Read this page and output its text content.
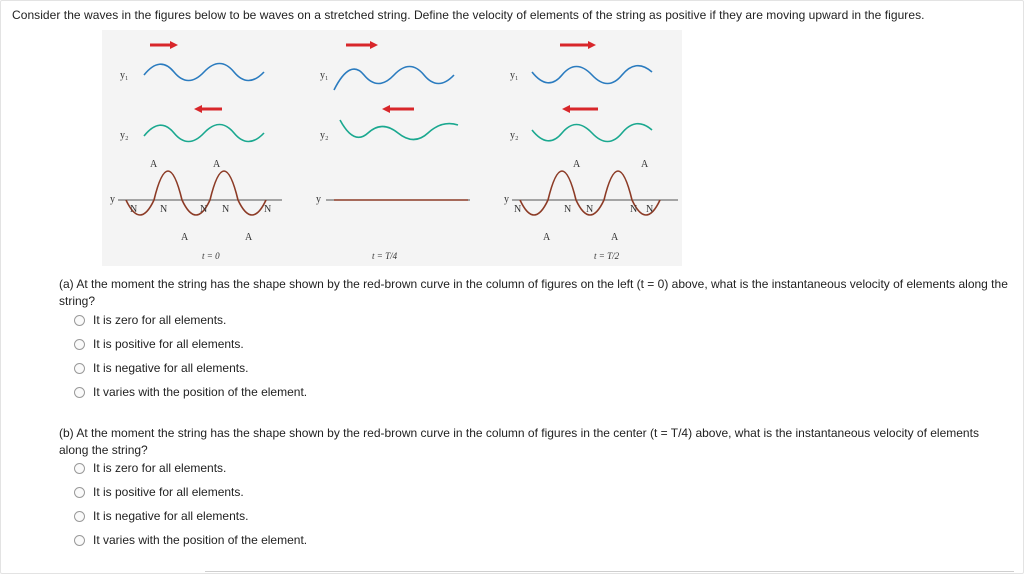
Consider the waves in the figures below to be waves on a stretched string. Define the velocity of elements of the string as positive if they are moving upward in the figures.
y₁
y₂
y
A	A
A	A
N N	N N	N
t = 0
y₁
y₂
y
t = T/4
y₁
y₂
y
A	A
A	A
N	N N	N N
t = T/2
(a) At the moment the string has the shape shown by the red-brown curve in the column of figures on the left (t = 0) above, what is the instantaneous velocity of elements along the string?
It is zero for all elements.
It is positive for all elements.
It is negative for all elements.
It varies with the position of the element.
(b) At the moment the string has the shape shown by the red-brown curve in the column of figures in the center (t = T/4) above, what is the instantaneous velocity of elements along the string?
It is zero for all elements.
It is positive for all elements.
It is negative for all elements.
It varies with the position of the element.
